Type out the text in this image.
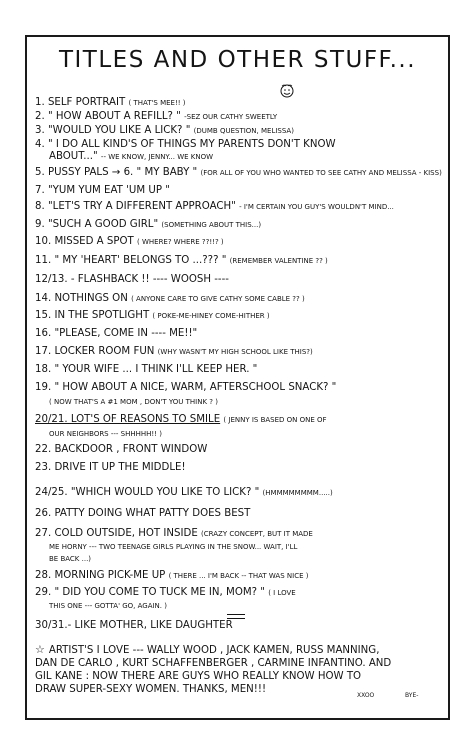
TITLES AND OTHER STUFF...
1. SELF PORTRAIT ( THAT'S MEE!! )
2. " HOW ABOUT A REFILL? " -SEZ OUR CATHY SWEETLY
3. "WOULD YOU LIKE A LICK? " (DUMB QUESTION, MELISSA)
4. " I DO ALL KIND'S OF THINGS MY PARENTS DON'T KNOW
ABOUT..." -- WE KNOW, JENNY... WE KNOW
5. PUSSY PALS → 6. " MY BABY " (FOR ALL OF YOU WHO WANTED TO SEE CATHY AND MELISSA - KISS)
7. "YUM YUM EAT 'UM UP "
8. "LET'S TRY A DIFFERENT APPROACH" - I'M CERTAIN YOU GUY'S WOULDN'T MIND...
9. "SUCH A GOOD GIRL" (SOMETHING ABOUT THIS...)
10. MISSED A SPOT ( WHERE? WHERE ??!!? )
11. " MY 'HEART' BELONGS TO ...??? " (REMEMBER VALENTINE ?? )
12/13. - FLASHBACK !! ---- WOOSH ----
14. NOTHINGS ON ( ANYONE CARE TO GIVE CATHY SOME CABLE ?? )
15. IN THE SPOTLIGHT ( POKE-ME-HINEY COME-HITHER )
16. "PLEASE, COME IN ---- ME!!"
17. LOCKER ROOM FUN (WHY WASN'T MY HIGH SCHOOL LIKE THIS?)
18. " YOUR WIFE ... I THINK I'LL KEEP HER. "
19. " HOW ABOUT A NICE, WARM, AFTERSCHOOL SNACK? "
( NOW THAT'S A #1 MOM , DON'T YOU THINK ? )
20/21. LOT'S OF REASONS TO SMILE ( JENNY IS BASED ON ONE OF
OUR NEIGHBORS --- SHHHHH!! )
22. BACKDOOR , FRONT WINDOW
23. DRIVE IT UP THE MIDDLE!
24/25. "WHICH WOULD YOU LIKE TO LICK? " (HMMMMMMMM.....)
26. PATTY DOING WHAT PATTY DOES BEST
27. COLD OUTSIDE, HOT INSIDE (CRAZY CONCEPT, BUT IT MADE
ME HORNY --- TWO TEENAGE GIRLS PLAYING IN THE SNOW... WAIT, I'LL
BE BACK ...)
28. MORNING PICK-ME UP ( THERE ... I'M BACK -- THAT WAS NICE )
29. " DID YOU COME TO TUCK ME IN, MOM? " ( I LOVE
THIS ONE --- GOTTA' GO, AGAIN. )
30/31.- LIKE MOTHER, LIKE DAUGHTER
☆ ARTIST'S I LOVE --- WALLY WOOD , JACK KAMEN, RUSS MANNING,
DAN DE CARLO , KURT SCHAFFENBERGER , CARMINE INFANTINO. AND
GIL KANE : NOW THERE ARE GUYS WHO REALLY KNOW HOW TO
DRAW SUPER-SEXY WOMEN. THANKS, MEN!!!
XXOO	BYE-
